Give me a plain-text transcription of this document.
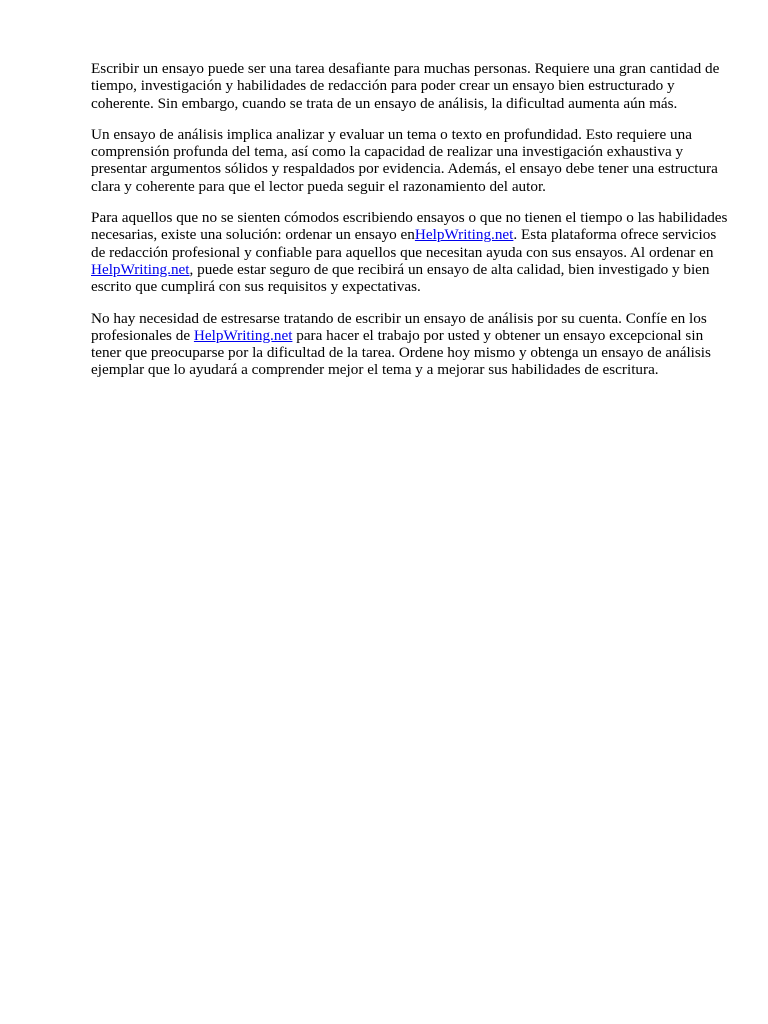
Escribir un ensayo puede ser una tarea desafiante para muchas personas. Requiere una gran cantidad de tiempo, investigación y habilidades de redacción para poder crear un ensayo bien estructurado y coherente. Sin embargo, cuando se trata de un ensayo de análisis, la dificultad aumenta aún más.

Un ensayo de análisis implica analizar y evaluar un tema o texto en profundidad. Esto requiere una comprensión profunda del tema, así como la capacidad de realizar una investigación exhaustiva y presentar argumentos sólidos y respaldados por evidencia. Además, el ensayo debe tener una estructura clara y coherente para que el lector pueda seguir el razonamiento del autor.

Para aquellos que no se sienten cómodos escribiendo ensayos o que no tienen el tiempo o las habilidades necesarias, existe una solución: ordenar un ensayo enHelpWriting.net. Esta plataforma ofrece servicios de redacción profesional y confiable para aquellos que necesitan ayuda con sus ensayos. Al ordenar en HelpWriting.net, puede estar seguro de que recibirá un ensayo de alta calidad, bien investigado y bien escrito que cumplirá con sus requisitos y expectativas.

No hay necesidad de estresarse tratando de escribir un ensayo de análisis por su cuenta. Confíe en los profesionales de HelpWriting.net para hacer el trabajo por usted y obtener un ensayo excepcional sin tener que preocuparse por la dificultad de la tarea. Ordene hoy mismo y obtenga un ensayo de análisis ejemplar que lo ayudará a comprender mejor el tema y a mejorar sus habilidades de escritura.
